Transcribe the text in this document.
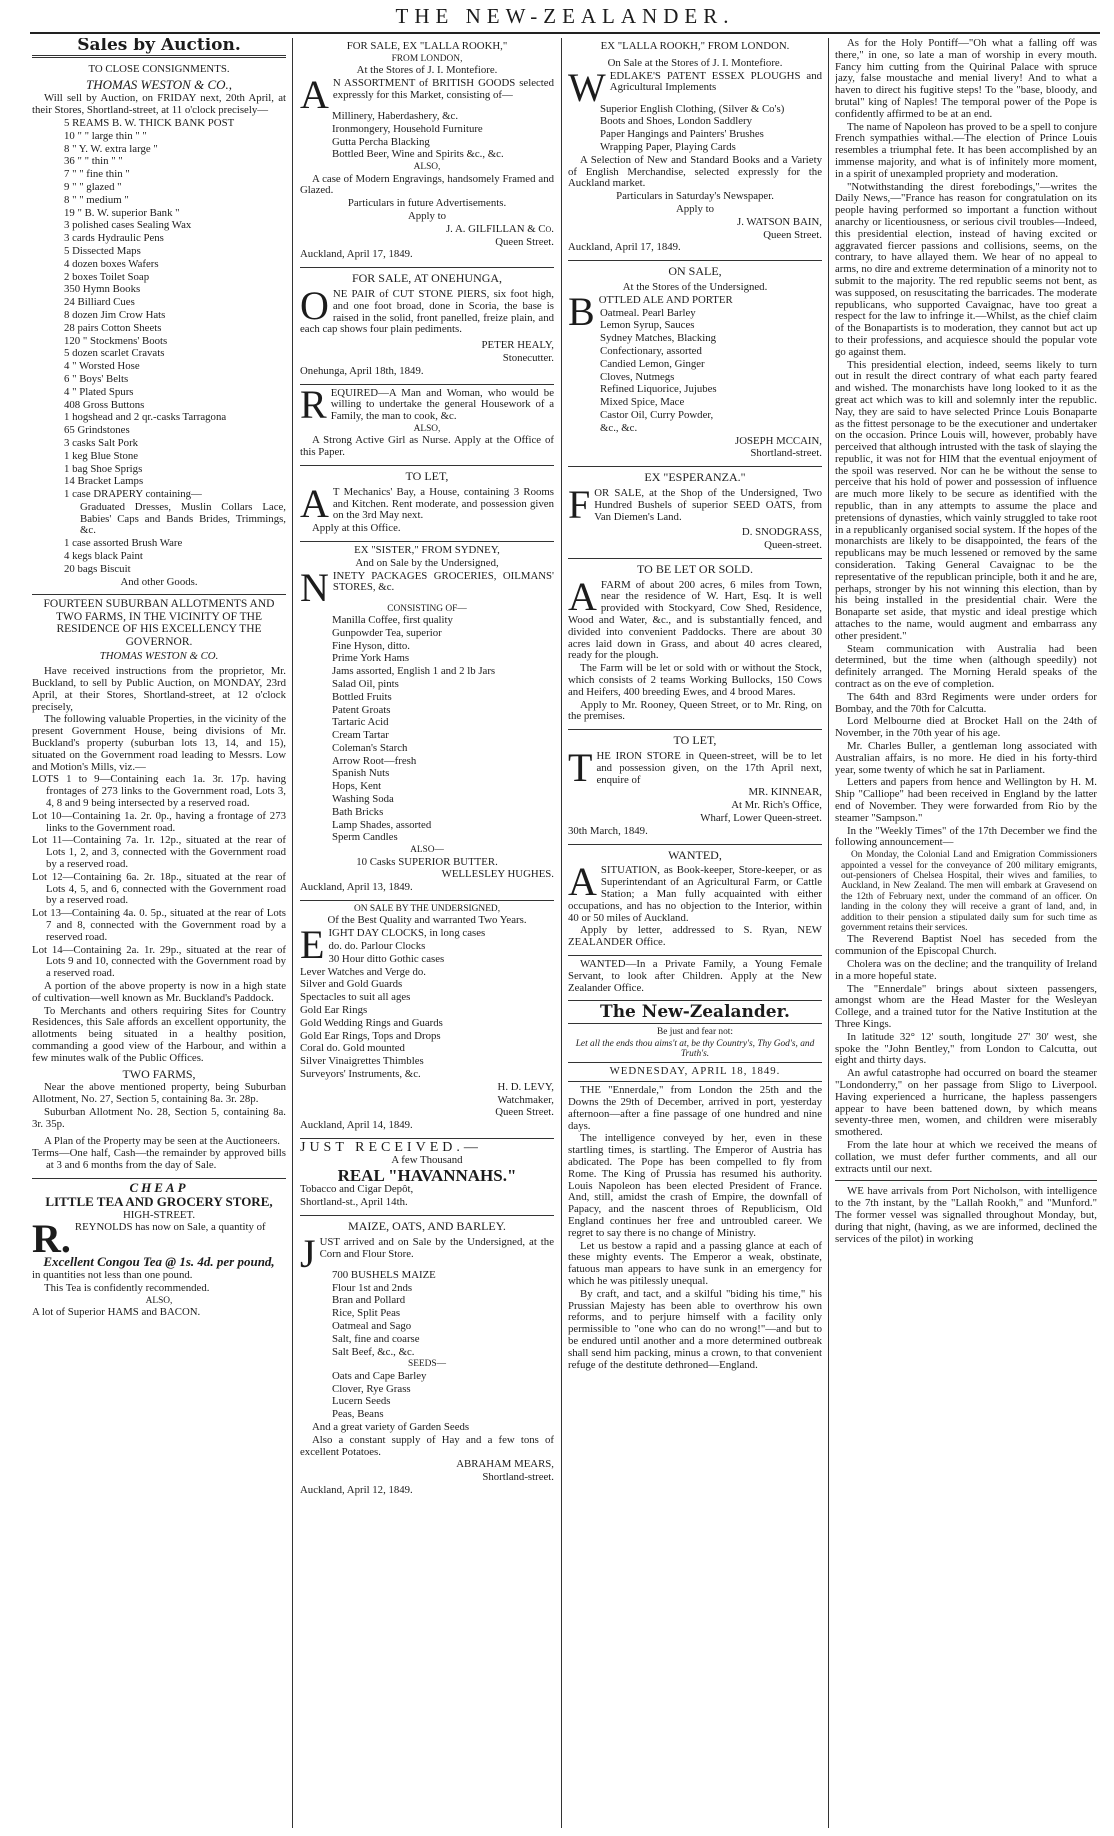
THE NEW-ZEALANDER.
Sales by Auction.

TO CLOSE CONSIGNMENTS.

THOMAS WESTON & CO.,

Will sell by Auction, on FRIDAY next, 20th April, at their Stores, Shortland-street, at 11 o'clock precisely—

5 REAMS B. W. THICK BANK POST

10 " " large thin " "

8 " Y. W. extra large "

36 " " thin " "

7 " " fine thin "

9 " " glazed "

8 " " medium "

19 " B. W. superior Bank "

3 polished cases Sealing Wax

3 cards Hydraulic Pens

5 Dissected Maps

4 dozen boxes Wafers

2 boxes Toilet Soap

350 Hymn Books

24 Billiard Cues

8 dozen Jim Crow Hats

28 pairs Cotton Sheets

120 " Stockmens' Boots

5 dozen scarlet Cravats

4 " Worsted Hose

6 " Boys' Belts

4 " Plated Spurs

408 Gross Buttons

1 hogshead and 2 qr.-casks Tarragona

65 Grindstones

3 casks Salt Pork

1 keg Blue Stone

1 bag Shoe Sprigs

14 Bracket Lamps

1 case DRAPERY containing—

Graduated Dresses, Muslin Collars Lace, Babies' Caps and Bands Brides, Trimmings, &c.

1 case assorted Brush Ware

4 kegs black Paint

20 bags Biscuit

And other Goods.

FOURTEEN SUBURBAN ALLOTMENTS AND TWO FARMS, IN THE VICINITY OF THE RESIDENCE OF HIS EXCELLENCY THE GOVERNOR.

THOMAS WESTON & CO.

Have received instructions from the proprietor, Mr. Buckland, to sell by Public Auction, on MONDAY, 23rd April, at their Stores, Shortland-street, at 12 o'clock precisely,

The following valuable Properties, in the vicinity of the present Government House, being divisions of Mr. Buckland's property (suburban lots 13, 14, and 15), situated on the Government road leading to Messrs. Low and Motion's Mills, viz.—

LOTS 1 to 9—Containing each 1a. 3r. 17p. having frontages of 273 links to the Government road, Lots 3, 4, 8 and 9 being intersected by a reserved road.

Lot 10—Containing 1a. 2r. 0p., having a frontage of 273 links to the Government road.

Lot 11—Containing 7a. 1r. 12p., situated at the rear of Lots 1, 2, and 3, connected with the Government road by a reserved road.

Lot 12—Containing 6a. 2r. 18p., situated at the rear of Lots 4, 5, and 6, connected with the Government road by a reserved road.

Lot 13—Containing 4a. 0. 5p., situated at the rear of Lots 7 and 8, connected with the Government road by a reserved road.

Lot 14—Containing 2a. 1r. 29p., situated at the rear of Lots 9 and 10, connected with the Government road by a reserved road.

A portion of the above property is now in a high state of cultivation—well known as Mr. Buckland's Paddock.

To Merchants and others requiring Sites for Country Residences, this Sale affords an excellent opportunity, the allotments being situated in a healthy position, commanding a good view of the Harbour, and within a few minutes walk of the Public Offices.

TWO FARMS,

Near the above mentioned property, being Suburban Allotment, No. 27, Section 5, containing 8a. 3r. 28p.

Suburban Allotment No. 28, Section 5, containing 8a. 3r. 35p.

A Plan of the Property may be seen at the Auctioneers.

Terms—One half, Cash—the remainder by approved bills at 3 and 6 months from the day of Sale.

CHEAP

LITTLE TEA AND GROCERY STORE,

HIGH-STREET.

R. REYNOLDS has now on Sale, a quantity of

Excellent Congou Tea @ 1s. 4d. per pound,

in quantities not less than one pound.

This Tea is confidently recommended.

ALSO,

A lot of Superior HAMS and BACON.

FOR SALE, EX "LALLA ROOKH,"

FROM LONDON,

At the Stores of J. I. Montefiore.

A N ASSORTMENT of BRITISH GOODS selected expressly for this Market, consisting of—

Millinery, Haberdashery, &c.

Ironmongery, Household Furniture

Gutta Percha Blacking

Bottled Beer, Wine and Spirits &c., &c.

ALSO,

A case of Modern Engravings, handsomely Framed and Glazed.

Particulars in future Advertisements.

Apply to

J. A. GILFILLAN & Co.

Queen Street.

Auckland, April 17, 1849.

FOR SALE, AT ONEHUNGA,

ONE PAIR of CUT STONE PIERS, six foot high, and one foot broad, done in Scoria, the base is raised in the solid, front panelled, freize plain, and each cap shows four plain pediments.

PETER HEALY,

Stonecutter.

Onehunga, April 18th, 1849.

REQUIRED—A Man and Woman, who would be willing to undertake the general Housework of a Family, the man to cook, &c.

ALSO,

A Strong Active Girl as Nurse. Apply at the Office of this Paper.

TO LET,

A T Mechanics' Bay, a House, containing 3 Rooms and Kitchen. Rent moderate, and possession given on the 3rd May next.

Apply at this Office.

EX "SISTER," FROM SYDNEY,

And on Sale by the Undersigned,

NINETY PACKAGES GROCERIES, OILMANS' STORES, &c.

CONSISTING OF—

Manilla Coffee, first quality

Gunpowder Tea, superior

Fine Hyson, ditto.

Prime York Hams

Jams assorted, English 1 and 2 lb Jars

Salad Oil, pints

Bottled Fruits

Patent Groats

Tartaric Acid

Cream Tartar

Coleman's Starch

Arrow Root—fresh

Spanish Nuts

Hops, Kent

Washing Soda

Bath Bricks

Lamp Shades, assorted

Sperm Candles

ALSO—

10 Casks SUPERIOR BUTTER.

WELLESLEY HUGHES.

Auckland, April 13, 1849.

ON SALE BY THE UNDERSIGNED,

Of the Best Quality and warranted Two Years.

E IGHT DAY CLOCKS, in long cases

do. do. Parlour Clocks

30 Hour ditto Gothic cases

Lever Watches and Verge do.

Silver and Gold Guards

Spectacles to suit all ages

Gold Ear Rings

Gold Wedding Rings and Guards

Gold Ear Rings, Tops and Drops

Coral do. Gold mounted

Silver Vinaigrettes Thimbles

Surveyors' Instruments, &c.

H. D. LEVY,

Watchmaker,

Queen Street.

Auckland, April 14, 1849.

JUST RECEIVED.—

A few Thousand

REAL "HAVANNAHS."

Tobacco and Cigar Depôt,

Shortland-st., April 14th.

MAIZE, OATS, AND BARLEY.

JUST arrived and on Sale by the Undersigned, at the Corn and Flour Store.

700 BUSHELS MAIZE

Flour 1st and 2nds

Bran and Pollard

Rice, Split Peas

Oatmeal and Sago

Salt, fine and coarse

Salt Beef, &c., &c.

SEEDS—

Oats and Cape Barley

Clover, Rye Grass

Lucern Seeds

Peas, Beans

And a great variety of Garden Seeds

Also a constant supply of Hay and a few tons of excellent Potatoes.

ABRAHAM MEARS,

Shortland-street.

Auckland, April 12, 1849.

EX "LALLA ROOKH," FROM LONDON.

On Sale at the Stores of J. I. Montefiore.

WEDLAKE'S PATENT ESSEX PLOUGHS and Agricultural Implements

Superior English Clothing, (Silver & Co's)

Boots and Shoes, London Saddlery

Paper Hangings and Painters' Brushes

Wrapping Paper, Playing Cards

A Selection of New and Standard Books and a Variety of English Merchandise, selected expressly for the Auckland market.

Particulars in Saturday's Newspaper.

Apply to

J. WATSON BAIN,

Queen Street.

Auckland, April 17, 1849.

ON SALE,

At the Stores of the Undersigned.

BOTTLED ALE AND PORTER

Oatmeal. Pearl Barley

Lemon Syrup, Sauces

Sydney Matches, Blacking

Confectionary, assorted

Candied Lemon, Ginger

Cloves, Nutmegs

Refined Liquorice, Jujubes

Mixed Spice, Mace

Castor Oil, Curry Powder,

&c., &c.

JOSEPH MCCAIN,

Shortland-street.

EX "ESPERANZA."

FOR SALE, at the Shop of the Undersigned, Two Hundred Bushels of superior SEED OATS, from Van Diemen's Land.

D. SNODGRASS,

Queen-street.

TO BE LET OR SOLD.

AFARM of about 200 acres, 6 miles from Town, near the residence of W. Hart, Esq. It is well provided with Stockyard, Cow Shed, Residence, Wood and Water, &c., and is substantially fenced, and divided into convenient Paddocks. There are about 30 acres laid down in Grass, and about 40 acres cleared, ready for the plough.

The Farm will be let or sold with or without the Stock, which consists of 2 teams Working Bullocks, 150 Cows and Heifers, 400 breeding Ewes, and 4 brood Mares.

Apply to Mr. Rooney, Queen Street, or to Mr. Ring, on the premises.

TO LET,

THE IRON STORE in Queen-street, will be to let and possession given, on the 17th April next, enquire of

MR. KINNEAR,

At Mr. Rich's Office,

Wharf, Lower Queen-street.

30th March, 1849.

WANTED,

ASITUATION, as Book-keeper, Store-keeper, or as Superintendant of an Agricultural Farm, or Cattle Station; a Man fully acquainted with either occupations, and has no objection to the Interior, within 40 or 50 miles of Auckland.

Apply by letter, addressed to S. Ryan, NEW ZEALANDER Office.

WANTED—In a Private Family, a Young Female Servant, to look after Children. Apply at the New Zealander Office.

The New-Zealander.

Be just and fear not:

Let all the ends thou aims't at, be thy Country's, Thy God's, and Truth's.

WEDNESDAY, APRIL 18, 1849.

THE "Ennerdale," from London the 25th and the Downs the 29th of December, arrived in port, yesterday afternoon—after a fine passage of one hundred and nine days.

The intelligence conveyed by her, even in these startling times, is startling. The Emperor of Austria has abdicated. The Pope has been compelled to fly from Rome. The King of Prussia has resumed his authority. Louis Napoleon has been elected President of France. And, still, amidst the crash of Empire, the downfall of Papacy, and the nascent throes of Republicism, Old England continues her free and untroubled career. We regret to say there is no change of Ministry.

Let us bestow a rapid and a passing glance at each of these mighty events. The Emperor a weak, obstinate, fatuous man appears to have sunk in an emergency for which he was pitilessly unequal.

By craft, and tact, and a skilful "biding his time," his Prussian Majesty has been able to overthrow his own reforms, and to perjure himself with a facility only permissible to "one who can do no wrong!"—and but to be endured until another and a more determined outbreak shall send him packing, minus a crown, to that convenient refuge of the destitute dethroned—England.

As for the Holy Pontiff—"Oh what a falling off was there," in one, so late a man of worship in every mouth. Fancy him cutting from the Quirinal Palace with spruce jazy, false moustache and menial livery! And to what a haven to direct his fugitive steps! To the "base, bloody, and brutal" king of Naples! The temporal power of the Pope is confidently affirmed to be at an end.

The name of Napoleon has proved to be a spell to conjure French sympathies withal.—The election of Prince Louis resembles a triumphal fete. It has been accomplished by an immense majority, and what is of infinitely more moment, in a spirit of unexampled propriety and moderation.

"Notwithstanding the direst forebodings,"—writes the Daily News,—"France has reason for congratulation on its people having performed so important a function without anarchy or licentiousness, or serious civil troubles—Indeed, this presidential election, instead of having excited or aggravated fiercer passions and collisions, seems, on the contrary, to have allayed them. We hear of no appeal to arms, no dire and extreme determination of a minority not to submit to the majority. The red republic seems not bent, as was supposed, on resuscitating the barricades. The moderate republicans, who supported Cavaignac, have too great a respect for the law to infringe it.—Whilst, as the chief claim of the Bonapartists is to moderation, they cannot but act up to their professions, and acquiesce should the popular vote go against them.

This presidential election, indeed, seems likely to turn out in result the direct contrary of what each party feared and wished. The monarchists have long looked to it as the great act which was to kill and solemnly inter the republic. Nay, they are said to have selected Prince Louis Bonaparte as the fittest personage to be the executioner and undertaker on the occasion. Prince Louis will, however, probably have perceived that although intrusted with the task of slaying the republic, it was not for HIM that the eventual enjoyment of the spoil was reserved. Nor can he be without the sense to perceive that his hold of power and possession of influence are much more likely to be secure as identified with the republic, than in any attempts to assume the place and pretensions of dynasties, which vainly struggled to take root in a republicanly organised social system. If the hopes of the monarchists are likely to be disappointed, the fears of the republicans may be much lessened or removed by the same consideration. Taking General Cavaignac to be the representative of the republican principle, both it and he are, perhaps, stronger by his not winning this election, than by his being installed in the presidential chair. Were the Bonaparte set aside, that mystic and ideal prestige which attaches to the name, would augment and embarrass any other president."

Steam communication with Australia had been determined, but the time when (although speedily) not definitely arranged. The Morning Herald speaks of the contract as on the eve of completion.

The 64th and 83rd Regiments were under orders for Bombay, and the 70th for Calcutta.

Lord Melbourne died at Brocket Hall on the 24th of November, in the 70th year of his age.

Mr. Charles Buller, a gentleman long associated with Australian affairs, is no more. He died in his forty-third year, some twenty of which he sat in Parliament.

Letters and papers from hence and Wellington by H. M. Ship "Calliope" had been received in England by the latter end of November. They were forwarded from Rio by the steamer "Sampson."

In the "Weekly Times" of the 17th December we find the following announcement—

On Monday, the Colonial Land and Emigration Commissioners appointed a vessel for the conveyance of 200 military emigrants, out-pensioners of Chelsea Hospital, their wives and families, to Auckland, in New Zealand. The men will embark at Gravesend on the 12th of February next, under the command of an officer. On landing in the colony they will receive a grant of land, and, in addition to their pension a stipulated daily sum for such time as government retains their services.

The Reverend Baptist Noel has seceded from the communion of the Episcopal Church.

Cholera was on the decline; and the tranquility of Ireland in a more hopeful state.

The "Ennerdale" brings about sixteen passengers, amongst whom are the Head Master for the Wesleyan College, and a trained tutor for the Native Institution at the Three Kings.

In latitude 32° 12' south, longitude 27' 30' west, she spoke the "John Bentley," from London to Calcutta, out eight and thirty days.

An awful catastrophe had occurred on board the steamer "Londonderry," on her passage from Sligo to Liverpool. Having experienced a hurricane, the hapless passengers appear to have been battened down, by which means seventy-three men, women, and children were miserably smothered.

From the late hour at which we received the means of collation, we must defer further comments, and all our extracts until our next.

WE have arrivals from Port Nicholson, with intelligence to the 7th instant, by the "Lallah Rookh," and "Munford." The former vessel was signalled throughout Monday, but, during that night, (having, as we are informed, declined the services of the pilot) in working
